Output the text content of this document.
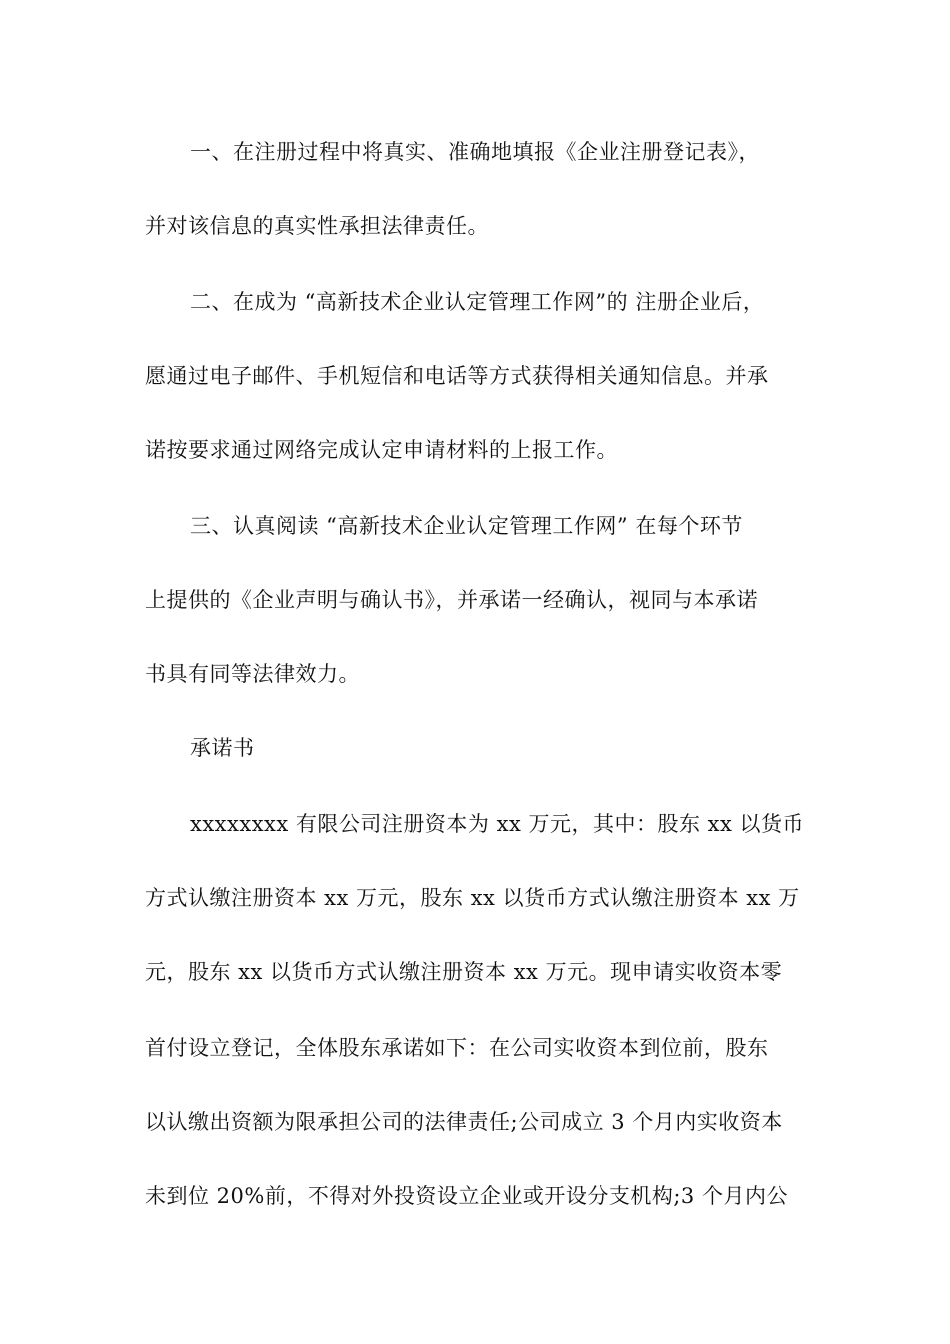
一、在注册过程中将真实、准确地填报《企业注册登记表》，
并对该信息的真实性承担法律责任。
二、在成为 “高新技术企业认定管理工作网”的 注册企业后，
愿通过电子邮件、手机短信和电话等方式获得相关通知信息。并承
诺按要求通过网络完成认定申请材料的上报工作。
三、认真阅读 “高新技术企业认定管理工作网” 在每个环节
上提供的《企业声明与确认书》，并承诺一经确认，视同与本承诺
书具有同等法律效力。
承诺书
xxxxxxxx 有限公司注册资本为 xx 万元，其中：股东 xx 以货币
方式认缴注册资本 xx 万元，股东 xx 以货币方式认缴注册资本 xx 万
元，股东 xx 以货币方式认缴注册资本 xx 万元。现申请实收资本零
首付设立登记，全体股东承诺如下：在公司实收资本到位前，股东
以认缴出资额为限承担公司的法律责任;公司成立 3 个月内实收资本
未到位 20%前，不得对外投资设立企业或开设分支机构;3 个月内公
